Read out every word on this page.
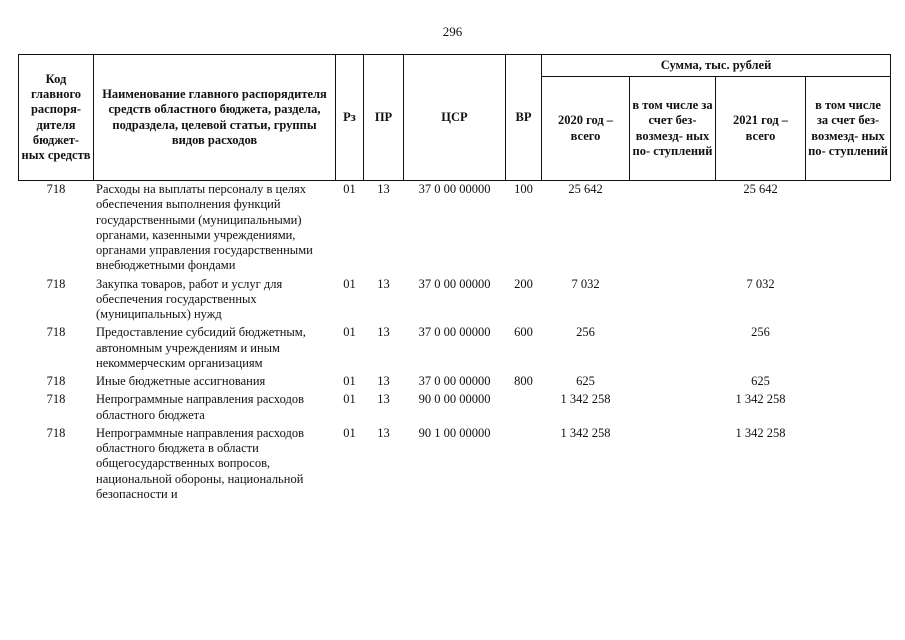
296
Код главного распоря- дителя бюджет- ных средств	Наименование главного распорядителя средств областного бюджета, раздела, подраздела, целевой статьи, группы видов расходов	Рз	ПР	ЦСР	ВР	Сумма, тыс. рублей			
						2020 год – всего	в том числе за счет без- возмезд- ных по- ступлений	2021 год – всего	в том числе за счет без- возмезд- ных по- ступлений
718	Расходы на выплаты персоналу в целях обеспечения выполнения функций государственными (муниципальными) органами, казенными учреждениями, органами управления государственными внебюджетными фондами	01	13	37 0 00 00000	100	25 642		25 642	
718	Закупка товаров, работ и услуг для обеспечения государственных (муниципальных) нужд	01	13	37 0 00 00000	200	7 032		7 032	
718	Предоставление субсидий бюджетным, автономным учреждениям и иным некоммерческим организациям	01	13	37 0 00 00000	600	256		256	
718	Иные бюджетные ассигнования	01	13	37 0 00 00000	800	625		625	
718	Непрограммные направления расходов областного бюджета	01	13	90 0 00 00000		1 342 258		1 342 258	
718	Непрограммные направления расходов областного бюджета в области общегосударственных вопросов, национальной обороны, национальной безопасности и	01	13	90 1 00 00000		1 342 258		1 342 258	
